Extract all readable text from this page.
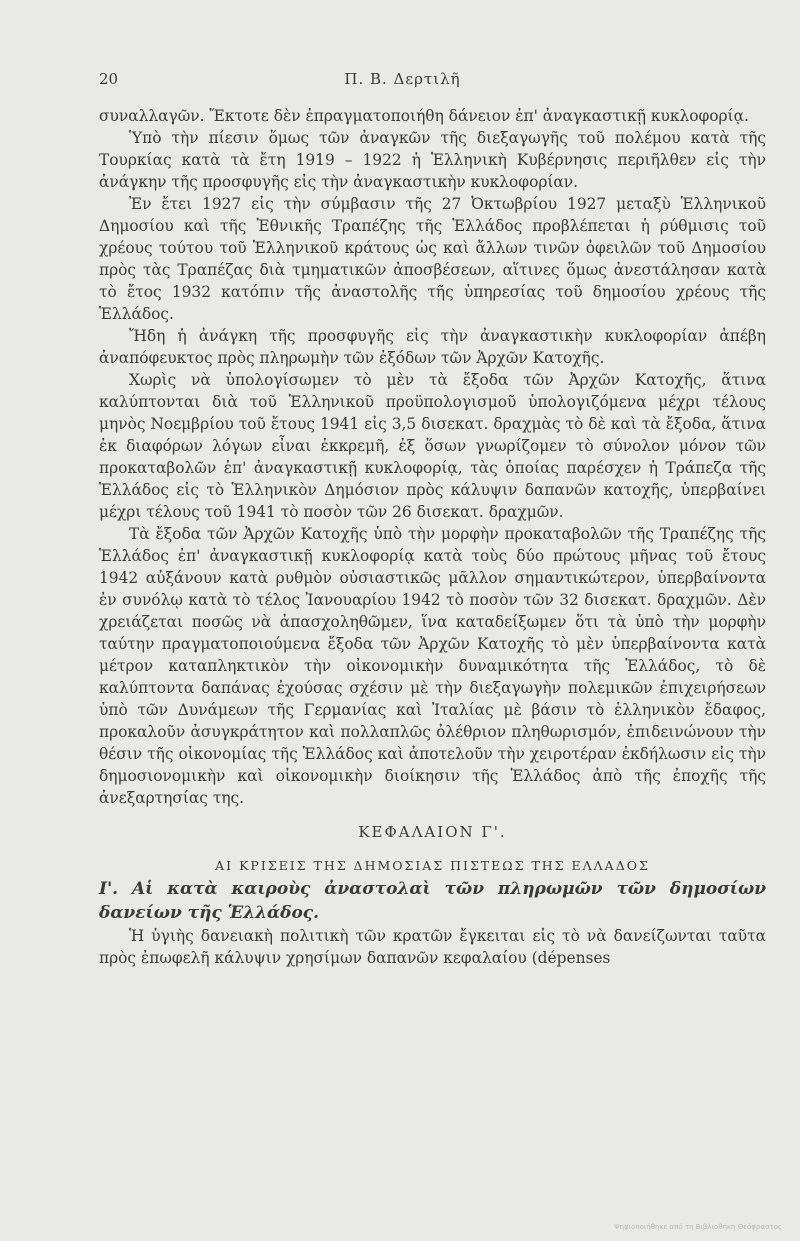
20	Π. Β. Δερτιλῆ

συναλλαγῶν. Ἔκτοτε δὲν ἐπραγματοποιήθη δάνειον ἐπ' ἀναγκαστικῇ κυκλοφορίᾳ.

Ὑπὸ τὴν πίεσιν ὅμως τῶν ἀναγκῶν τῆς διεξαγωγῆς τοῦ πολέμου κατὰ τῆς Τουρκίας κατὰ τὰ ἔτη 1919 – 1922 ἡ Ἑλληνικὴ Κυβέρνησις περιῆλθεν εἰς τὴν ἀνάγκην τῆς προσφυγῆς εἰς τὴν ἀναγκαστικὴν κυκλοφορίαν.

Ἐν ἔτει 1927 εἰς τὴν σύμβασιν τῆς 27 Ὀκτωβρίου 1927 μεταξὺ Ἑλληνικοῦ Δημοσίου καὶ τῆς Ἐθνικῆς Τραπέζης τῆς Ἑλλάδος προβλέπεται ἡ ρύθμισις τοῦ χρέους τούτου τοῦ Ἑλληνικοῦ κράτους ὡς καὶ ἄλλων τινῶν ὀφειλῶν τοῦ Δημοσίου πρὸς τὰς Τραπέζας διὰ τμηματικῶν ἀποσβέσεων, αἵτινες ὅμως ἀνεστάλησαν κατὰ τὸ ἔτος 1932 κατόπιν τῆς ἀναστολῆς τῆς ὑπηρεσίας τοῦ δημοσίου χρέους τῆς Ἑλλάδος.

Ἤδη ἡ ἀνάγκη τῆς προσφυγῆς εἰς τὴν ἀναγκαστικὴν κυκλοφορίαν ἀπέβη ἀναπόφευκτος πρὸς πληρωμὴν τῶν ἐξόδων τῶν Ἀρχῶν Κατοχῆς.

Χωρὶς νὰ ὑπολογίσωμεν τὸ μὲν τὰ ἔξοδα τῶν Ἀρχῶν Κατοχῆς, ἅτινα καλύπτονται διὰ τοῦ Ἑλληνικοῦ προϋπολογισμοῦ ὑπολογιζόμενα μέχρι τέλους μηνὸς Νοεμβρίου τοῦ ἔτους 1941 εἰς 3,5 δισεκατ. δραχμὰς τὸ δὲ καὶ τὰ ἔξοδα, ἅτινα ἐκ διαφόρων λόγων εἶναι ἐκκρεμῆ, ἐξ ὅσων γνωρίζομεν τὸ σύνολον μόνον τῶν προκαταβολῶν ἐπ' ἀναγκαστικῇ κυκλοφορίᾳ, τὰς ὁποίας παρέσχεν ἡ Τράπεζα τῆς Ἑλλάδος εἰς τὸ Ἑλληνικὸν Δημόσιον πρὸς κάλυψιν δαπανῶν κατοχῆς, ὑπερβαίνει μέχρι τέλους τοῦ 1941 τὸ ποσὸν τῶν 26 δισεκατ. δραχμῶν.

Τὰ ἔξοδα τῶν Ἀρχῶν Κατοχῆς ὑπὸ τὴν μορφὴν προκαταβολῶν τῆς Τραπέζης τῆς Ἑλλάδος ἐπ' ἀναγκαστικῇ κυκλοφορίᾳ κατὰ τοὺς δύο πρώτους μῆνας τοῦ ἔτους 1942 αὐξάνουν κατὰ ρυθμὸν οὐσιαστικῶς μᾶλλον σημαντικώτερον, ὑπερβαίνοντα ἐν συνόλῳ κατὰ τὸ τέλος Ἰανουαρίου 1942 τὸ ποσὸν τῶν 32 δισεκατ. δραχμῶν. Δὲν χρειάζεται ποσῶς νὰ ἀπασχοληθῶμεν, ἵνα καταδείξωμεν ὅτι τὰ ὑπὸ τὴν μορφὴν ταύτην πραγματοποιούμενα ἔξοδα τῶν Ἀρχῶν Κατοχῆς τὸ μὲν ὑπερβαίνοντα κατὰ μέτρον καταπληκτικὸν τὴν οἰκονομικὴν δυναμικότητα τῆς Ἑλλάδος, τὸ δὲ καλύπτοντα δαπάνας ἐχούσας σχέσιν μὲ τὴν διεξαγωγὴν πολεμικῶν ἐπιχειρήσεων ὑπὸ τῶν Δυνάμεων τῆς Γερμανίας καὶ Ἰταλίας μὲ βάσιν τὸ ἑλληνικὸν ἔδαφος, προκαλοῦν ἀσυγκράτητον καὶ πολλαπλῶς ὀλέθριον πληθωρισμόν, ἐπιδεινώνουν τὴν θέσιν τῆς οἰκονομίας τῆς Ἑλλάδος καὶ ἀποτελοῦν τὴν χειροτέραν ἐκδήλωσιν εἰς τὴν δημοσιονομικὴν καὶ οἰκονομικὴν διοίκησιν τῆς Ἑλλάδος ἀπὸ τῆς ἐποχῆς τῆς ἀνεξαρτησίας της.

ΚΕΦΑΛΑΙΟΝ Γ'.
ΑΙ ΚΡΙΣΕΙΣ ΤΗΣ ΔΗΜΟΣΙΑΣ ΠΙΣΤΕΩΣ ΤΗΣ ΕΛΛΑΔΟΣ

Ι'. Αἱ κατὰ καιροὺς ἀναστολαὶ τῶν πληρωμῶν τῶν δημοσίων δανείων τῆς Ἑλλάδος.

Ἡ ὑγιὴς δανειακὴ πολιτικὴ τῶν κρατῶν ἔγκειται εἰς τὸ νὰ δανείζωνται ταῦτα πρὸς ἐπωφελῆ κάλυψιν χρησίμων δαπανῶν κεφαλαίου (dépenses

Ψηφιοποιήθηκε από τη Βιβλιοθήκη Θεόφραστος
